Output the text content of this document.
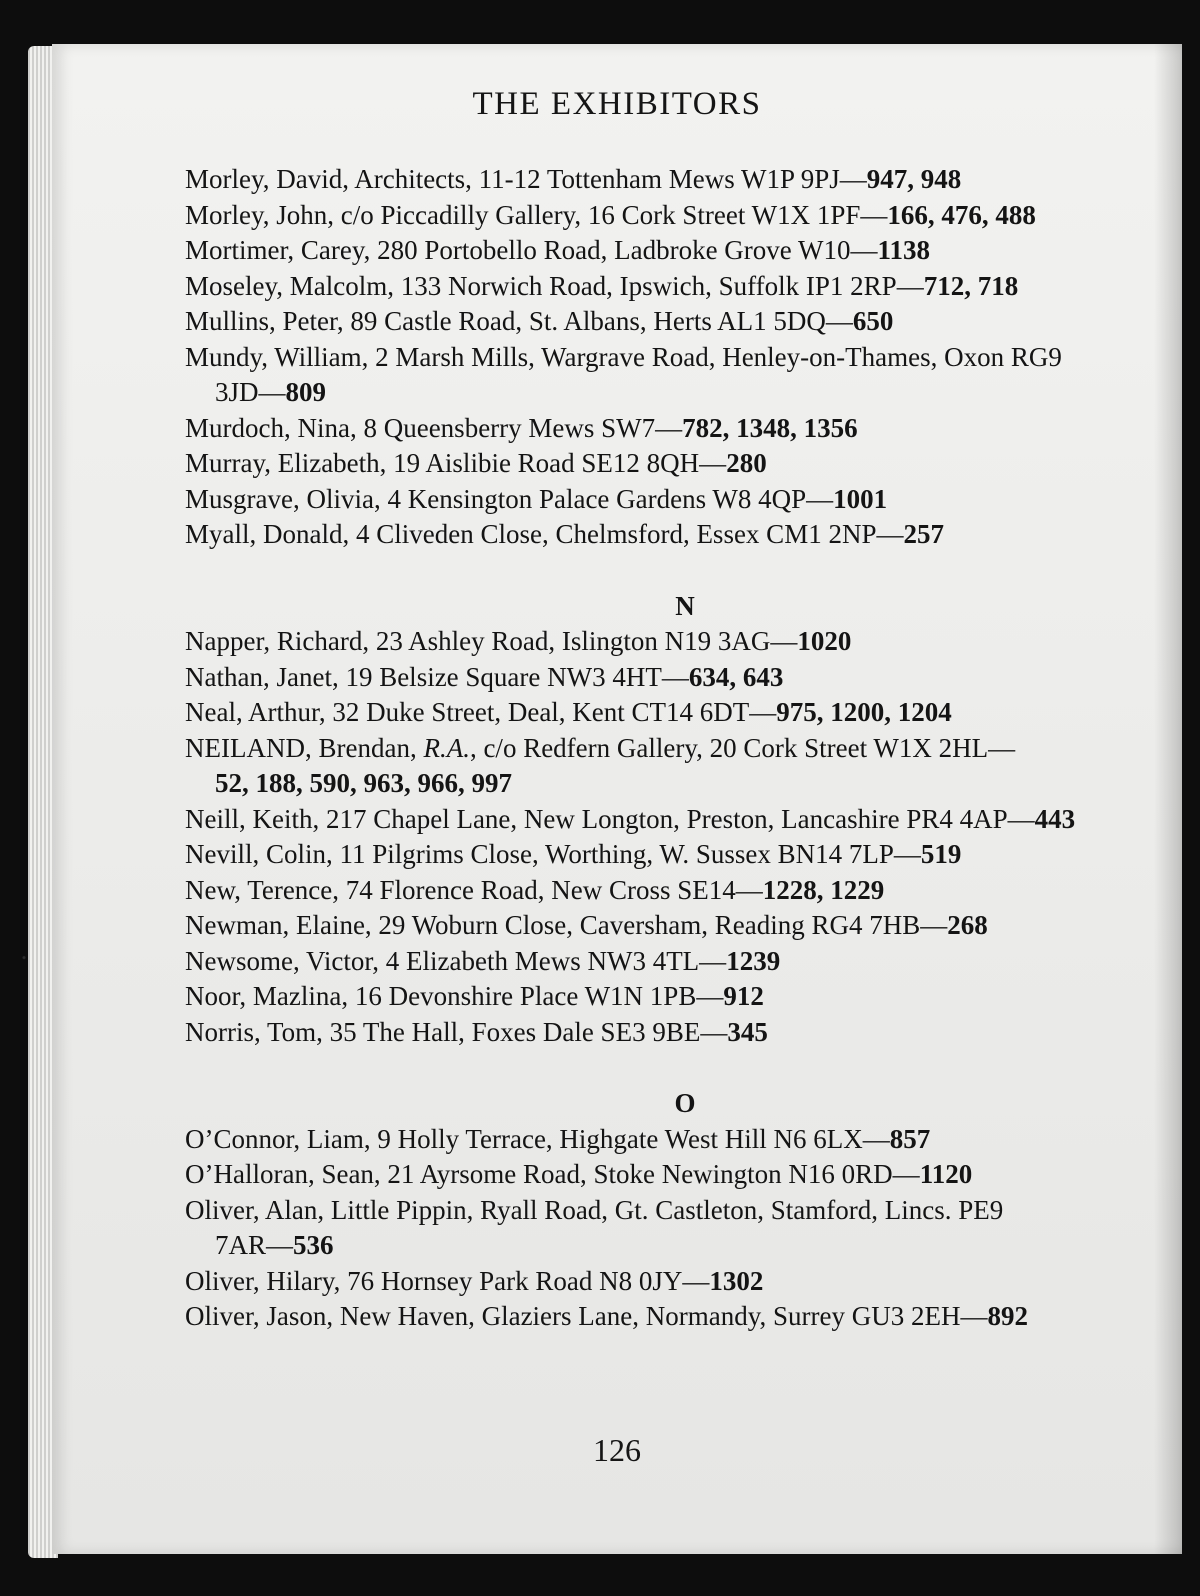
THE EXHIBITORS
Morley, David, Architects, 11-12 Tottenham Mews W1P 9PJ—947, 948
Morley, John, c/o Piccadilly Gallery, 16 Cork Street W1X 1PF—166, 476, 488
Mortimer, Carey, 280 Portobello Road, Ladbroke Grove W10—1138
Moseley, Malcolm, 133 Norwich Road, Ipswich, Suffolk IP1 2RP—712, 718
Mullins, Peter, 89 Castle Road, St. Albans, Herts AL1 5DQ—650
Mundy, William, 2 Marsh Mills, Wargrave Road, Henley-on-Thames, Oxon RG9
3JD—809
Murdoch, Nina, 8 Queensberry Mews SW7—782, 1348, 1356
Murray, Elizabeth, 19 Aislibie Road SE12 8QH—280
Musgrave, Olivia, 4 Kensington Palace Gardens W8 4QP—1001
Myall, Donald, 4 Cliveden Close, Chelmsford, Essex CM1 2NP—257
N
Napper, Richard, 23 Ashley Road, Islington N19 3AG—1020
Nathan, Janet, 19 Belsize Square NW3 4HT—634, 643
Neal, Arthur, 32 Duke Street, Deal, Kent CT14 6DT—975, 1200, 1204
NEILAND, Brendan, R.A., c/o Redfern Gallery, 20 Cork Street W1X 2HL—
52, 188, 590, 963, 966, 997
Neill, Keith, 217 Chapel Lane, New Longton, Preston, Lancashire PR4 4AP—443
Nevill, Colin, 11 Pilgrims Close, Worthing, W. Sussex BN14 7LP—519
New, Terence, 74 Florence Road, New Cross SE14—1228, 1229
Newman, Elaine, 29 Woburn Close, Caversham, Reading RG4 7HB—268
Newsome, Victor, 4 Elizabeth Mews NW3 4TL—1239
Noor, Mazlina, 16 Devonshire Place W1N 1PB—912
Norris, Tom, 35 The Hall, Foxes Dale SE3 9BE—345
O
O’Connor, Liam, 9 Holly Terrace, Highgate West Hill N6 6LX—857
O’Halloran, Sean, 21 Ayrsome Road, Stoke Newington N16 0RD—1120
Oliver, Alan, Little Pippin, Ryall Road, Gt. Castleton, Stamford, Lincs. PE9
7AR—536
Oliver, Hilary, 76 Hornsey Park Road N8 0JY—1302
Oliver, Jason, New Haven, Glaziers Lane, Normandy, Surrey GU3 2EH—892
126
